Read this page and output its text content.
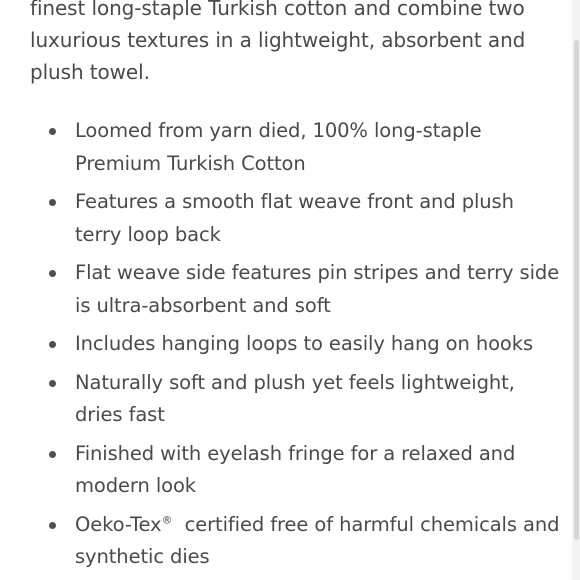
finest long-staple Turkish cotton and combine two
luxurious textures in a lightweight, absorbent and
plush towel.

Loomed from yarn died, 100% long-staple Premium Turkish Cotton
Features a smooth flat weave front and plush terry loop back
Flat weave side features pin stripes and terry side is ultra-absorbent and soft
Includes hanging loops to easily hang on hooks
Naturally soft and plush yet feels lightweight, dries fast
Finished with eyelash fringe for a relaxed and modern look
Oeko-Tex®  certified free of harmful chemicals and synthetic dies
